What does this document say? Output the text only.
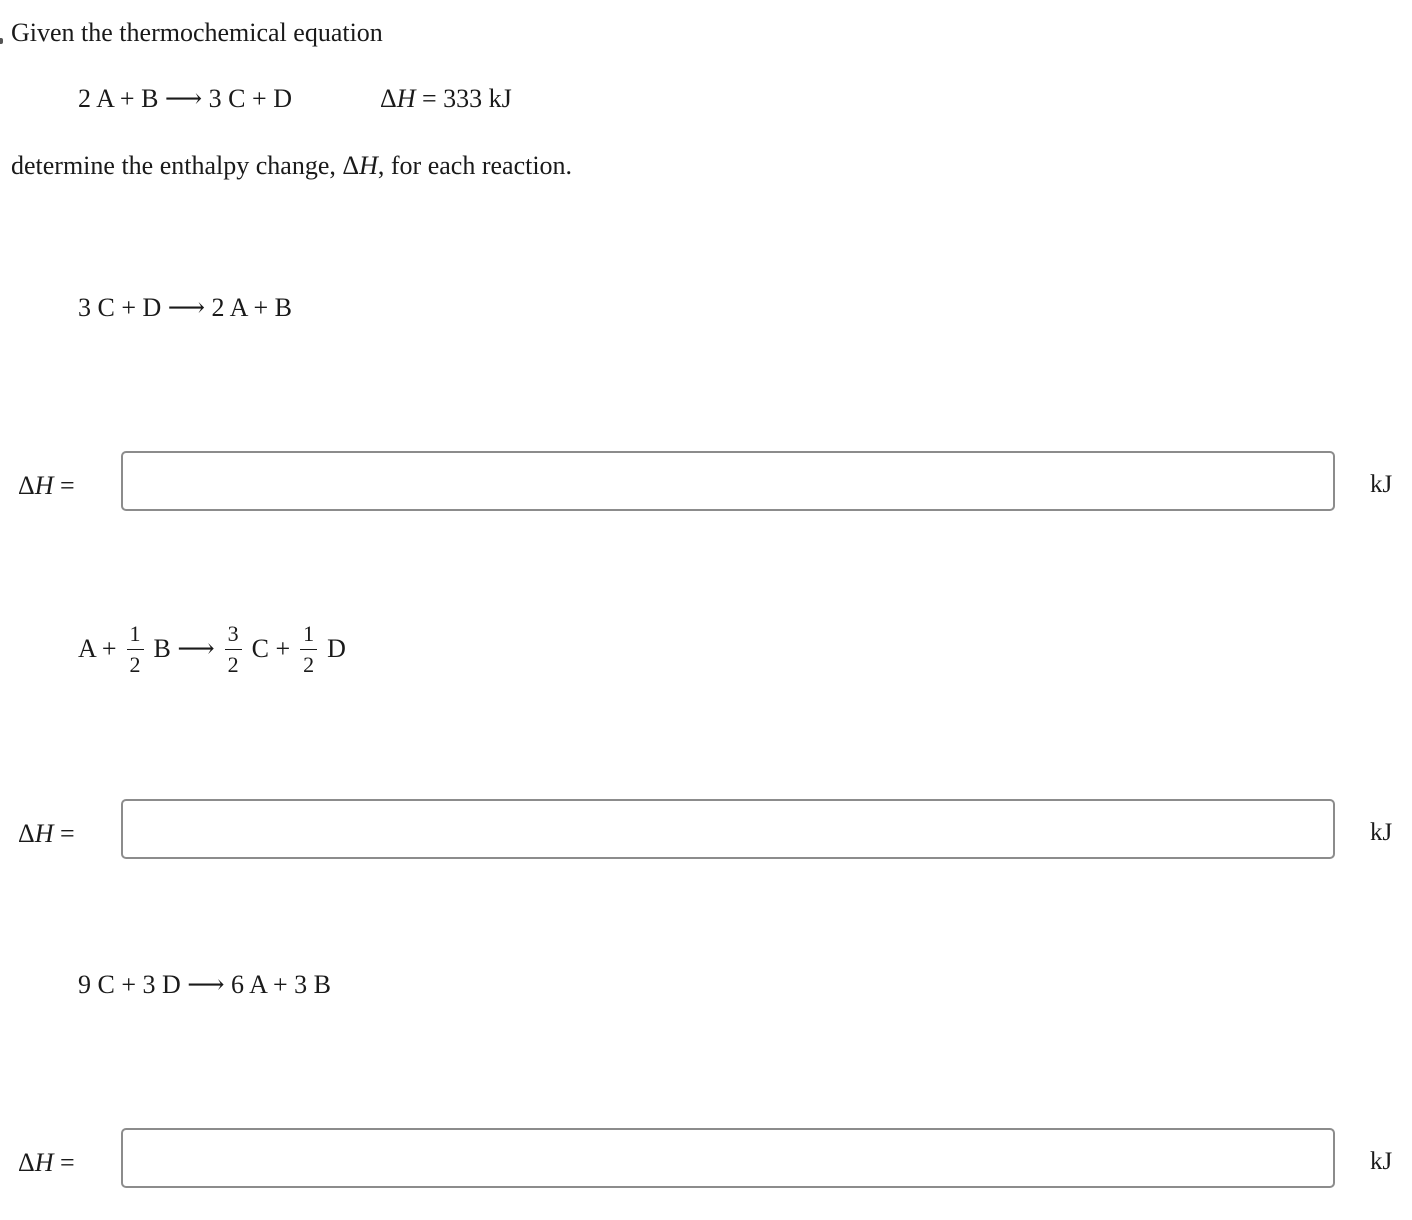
Given the thermochemical equation
2 A + B ⟶ 3 C + D	ΔH = 333 kJ
determine the enthalpy change, ΔH, for each reaction.
3 C + D ⟶ 2 A + B
ΔH =	kJ
$A + \frac{1}{2}$ B ⟶ $\frac{3}{2}$ $C + \frac{1}{2}$ D
ΔH =	kJ
9 C + 3 D ⟶ 6 A + 3 B
ΔH =	kJ
